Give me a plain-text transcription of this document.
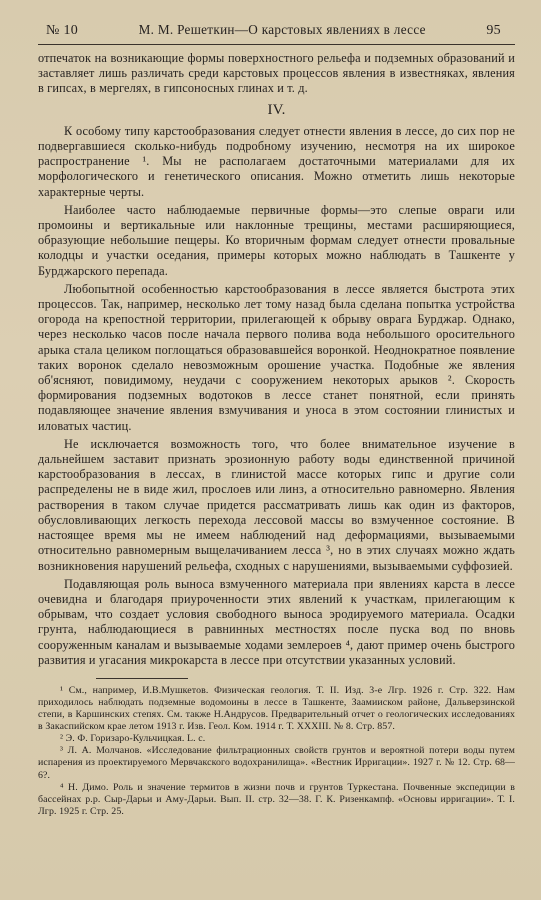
№ 10	М. М. Решеткин—О карстовых явлениях в лессе	95

отпечаток на возникающие формы поверхностного рельефа и подземных образований и заставляет лишь различать среди карстовых процессов явления в известняках, явления в гипсах, в мергелях, в гипсоносных глинах и т. д.

IV.

К особому типу карстообразования следует отнести явления в лессе, до сих пор не подвергавшиеся сколько-нибудь подробному изучению, несмотря на их широкое распространение ¹. Мы не располагаем достаточными материалами для их морфологического и генетического описания. Можно отметить лишь некоторые характерные черты.

Наиболее часто наблюдаемые первичные формы—это слепые овраги или промоины и вертикальные или наклонные трещины, местами расширяющиеся, образующие небольшие пещеры. Ко вторичным формам следует отнести провальные колодцы и участки оседания, примеры которых можно наблюдать в Ташкенте у Бурджарского перепада.

Любопытной особенностью карстообразования в лессе является быстрота этих процессов. Так, например, несколько лет тому назад была сделана попытка устройства огорода на крепостной территории, прилегающей к обрыву оврага Бурджар. Однако, через несколько часов после начала первого полива вода небольшого оросительного арыка стала целиком поглощаться образовавшейся воронкой. Неоднократное появление таких воронок сделало невозможным орошение участка. Подобные же явления об'ясняют, повидимому, неудачи с сооружением некоторых арыков ². Скорость формирования подземных водотоков в лессе станет понятной, если принять подавляющее значение явления взмучивания и уноса в этом состоянии глинистых и иловатых частиц.

Не исключается возможность того, что более внимательное изучение в дальнейшем заставит признать эрозионную работу воды единственной причиной карстообразования в лессах, в глинистой массе которых гипс и другие соли распределены не в виде жил, прослоев или линз, а относительно равномерно. Явления растворения в таком случае придется рассматривать лишь как один из факторов, обусловливающих легкость перехода лессовой массы во взмученное состояние. В настоящее время мы не имеем наблюдений над деформациями, вызываемыми относительно равномерным выщелачиванием лесса ³, но в этих случаях можно ждать возникновения нарушений рельефа, сходных с нарушениями, вызываемыми суффозией.

Подавляющая роль выноса взмученного материала при явлениях карста в лессе очевидна и благодаря приуроченности этих явлений к участкам, прилегающим к обрывам, что создает условия свободного выноса эродируемого материала. Осадки грунта, наблюдающиеся в равнинных местностях после пуска вод по вновь сооруженным каналам и вызываемые ходами землероев ⁴, дают пример очень быстрого развития и угасания микрокарста в лессе при отсутствии указанных условий.

¹ См., например, И.В.Мушкетов. Физическая геология. Т. II. Изд. 3-е Лгр. 1926 г. Стр. 322. Нам приходилось наблюдать подземные водомоины в лессе в Ташкенте, Заамииском районе, Дальверзинской степи, в Каршинских степях. См. также Н.Андрусов. Предварительный отчет о геологических исследованиях в Закаспийском крае летом 1913 г. Изв. Геол. Ком. 1914 г. Т. XXXIII. № 8. Стр. 857.

² Э. Ф. Горизарo-Кульчицкая. L. c.

³ Л. А. Молчанов. «Исследование фильтрационных свойств грунтов и вероятной потери воды путем испарения из проектируемого Мервчакского водохранилища». «Вестник Ирригации». 1927 г. № 12. Стр. 68—6?.

⁴ Н. Димо. Роль и значение термитов в жизни почв и грунтов Туркестана. Почвенные экспедиции в бассейнах р.р. Сыр-Дарьи и Аму-Дарьи. Вып. II. стр. 32—38. Г. К. Ризенкампф. «Основы ирригации». Т. I. Лгр. 1925 г. Стр. 25.
